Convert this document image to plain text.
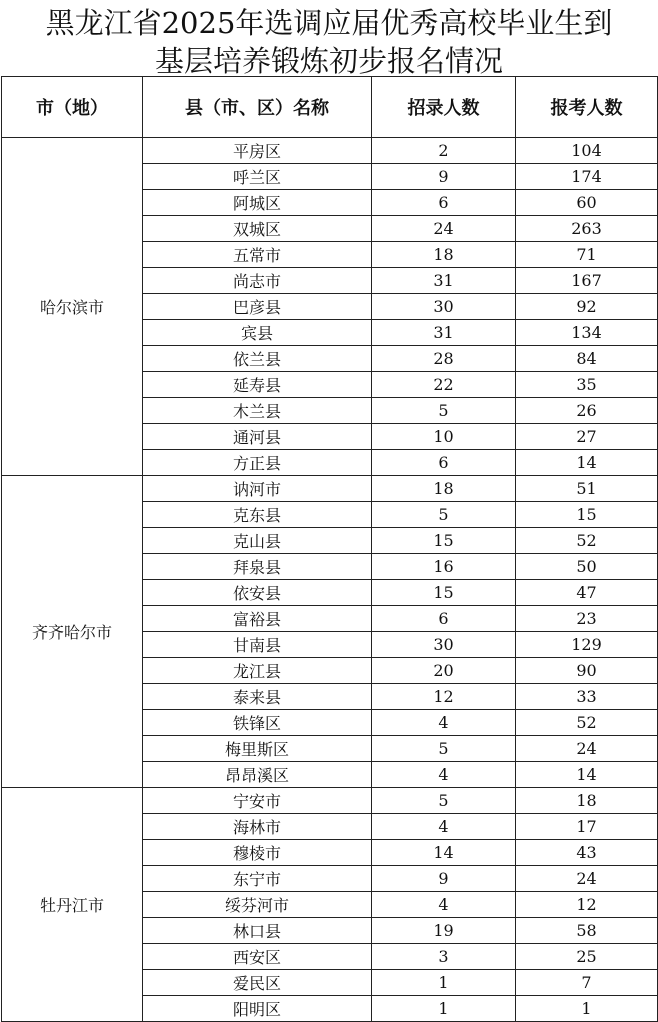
黑龙江省2025年选调应届优秀高校毕业生到
基层培养锻炼初步报名情况
市（地）	县（市、区）名称	招录人数	报考人数
哈尔滨市	平房区	2	104
	呼兰区	9	174
	阿城区	6	60
	双城区	24	263
	五常市	18	71
	尚志市	31	167
	巴彦县	30	92
	宾县	31	134
	依兰县	28	84
	延寿县	22	35
	木兰县	5	26
	通河县	10	27
	方正县	6	14
齐齐哈尔市	讷河市	18	51
	克东县	5	15
	克山县	15	52
	拜泉县	16	50
	依安县	15	47
	富裕县	6	23
	甘南县	30	129
	龙江县	20	90
	泰来县	12	33
	铁锋区	4	52
	梅里斯区	5	24
	昂昂溪区	4	14
牡丹江市	宁安市	5	18
	海林市	4	17
	穆棱市	14	43
	东宁市	9	24
	绥芬河市	4	12
	林口县	19	58
	西安区	3	25
	爱民区	1	7
	阳明区	1	1
